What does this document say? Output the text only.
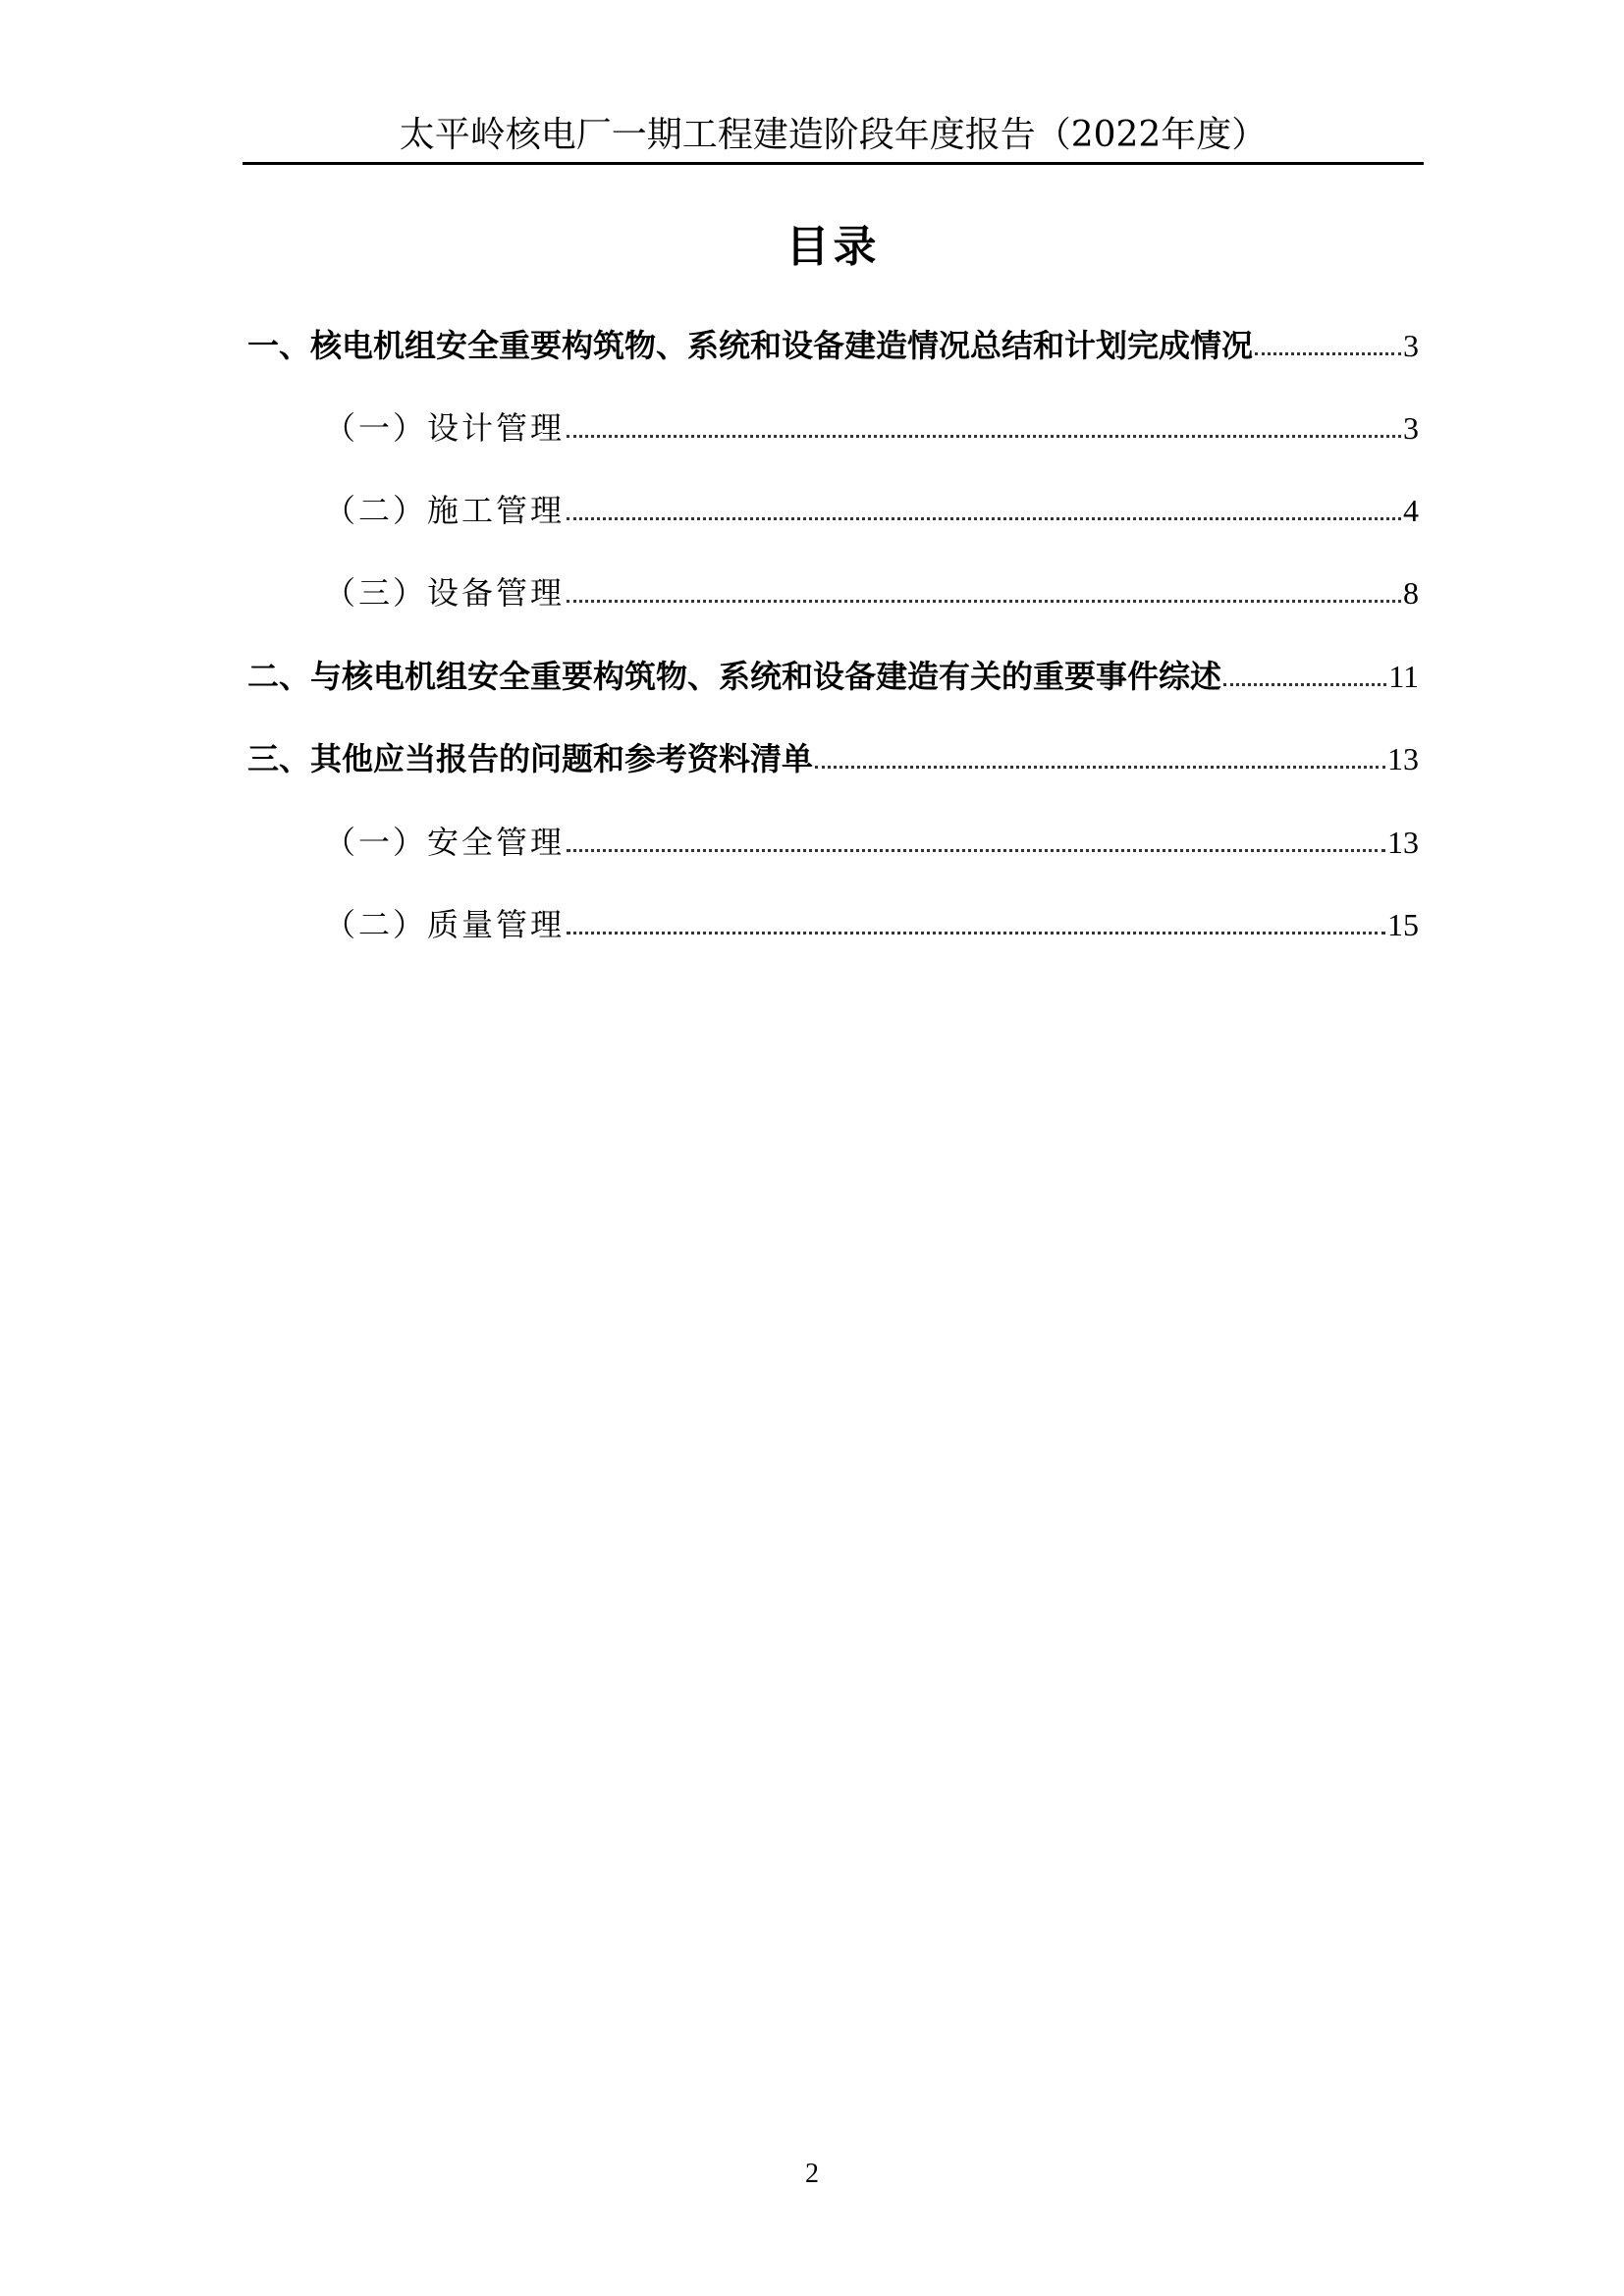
太平岭核电厂一期工程建造阶段年度报告（2022年度）
目录
一、核电机组安全重要构筑物、系统和设备建造情况总结和计划完成情况	3
（一）设计管理	3
（二）施工管理	4
（三）设备管理	8
二、与核电机组安全重要构筑物、系统和设备建造有关的重要事件综述	11
三、其他应当报告的问题和参考资料清单	13
（一）安全管理	13
（二）质量管理	15
2
